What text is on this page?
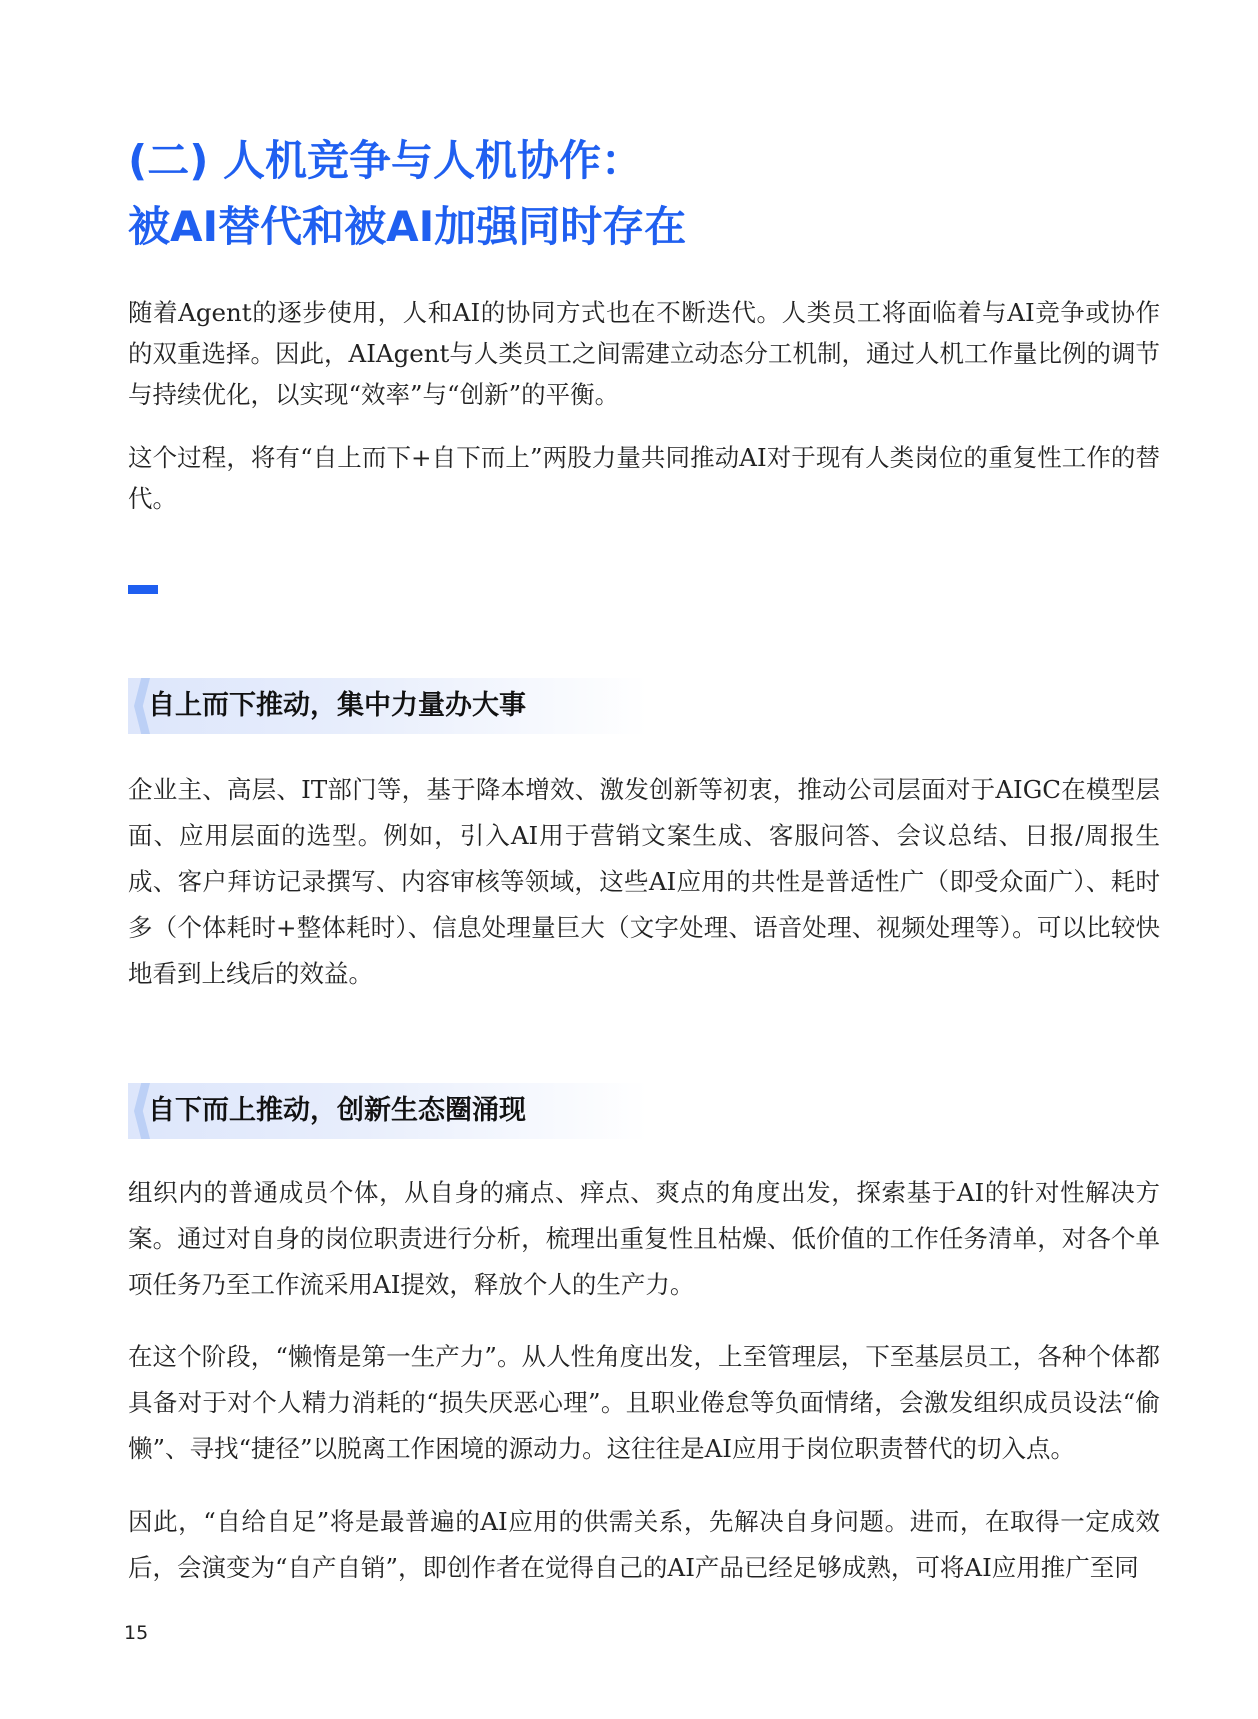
(二) 人机竞争与人机协作：
被AI替代和被AI加强同时存在

随着Agent的逐步使用，人和AI的协同方式也在不断迭代。人类员工将面临着与AI竞争或协作的双重选择。因此，AIAgent与人类员工之间需建立动态分工机制，通过人机工作量比例的调节与持续优化，以实现“效率”与“创新”的平衡。

这个过程，将有“自上而下+自下而上”两股力量共同推动AI对于现有人类岗位的重复性工作的替代。

自上而下推动，集中力量办大事

企业主、高层、IT部门等，基于降本增效、激发创新等初衷，推动公司层面对于AIGC在模型层面、应用层面的选型。例如，引入AI用于营销文案生成、客服问答、会议总结、日报/周报生成、客户拜访记录撰写、内容审核等领域，这些AI应用的共性是普适性广（即受众面广）、耗时多（个体耗时+整体耗时）、信息处理量巨大（文字处理、语音处理、视频处理等）。可以比较快地看到上线后的效益。

自下而上推动，创新生态圈涌现

组织内的普通成员个体，从自身的痛点、痒点、爽点的角度出发，探索基于AI的针对性解决方案。通过对自身的岗位职责进行分析，梳理出重复性且枯燥、低价值的工作任务清单，对各个单项任务乃至工作流采用AI提效，释放个人的生产力。

在这个阶段，“懒惰是第一生产力”。从人性角度出发，上至管理层，下至基层员工，各种个体都具备对于对个人精力消耗的“损失厌恶心理”。且职业倦怠等负面情绪，会激发组织成员设法“偷懒”、寻找“捷径”以脱离工作困境的源动力。这往往是AI应用于岗位职责替代的切入点。

因此，“自给自足”将是最普遍的AI应用的供需关系，先解决自身问题。进而，在取得一定成效后，会演变为“自产自销”，即创作者在觉得自己的AI产品已经足够成熟，可将AI应用推广至同

15
